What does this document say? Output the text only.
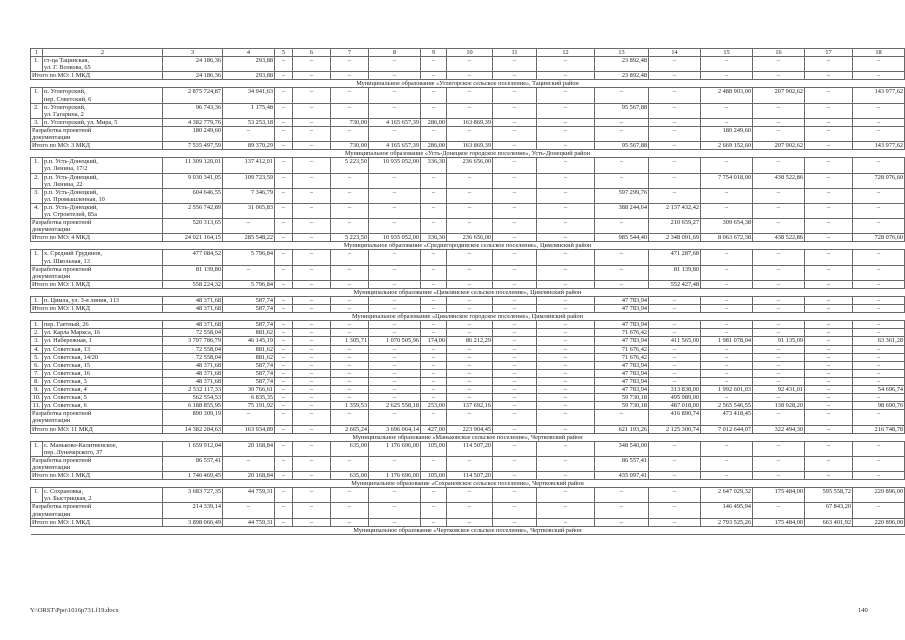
1	2	3	4	5	6	7	8	9	10	11	12	13	14	15	16	17	18
1.	ст-ца Тацинская,
ул. Г. Волкова, 65	24 186,36	293,88	–	–	–	–	–	–	–	–	23 892,48	–	–	–	–	–
Итого по МО: 1 МКД		24 186,36	293,88	–	–	–	–	–	–	–	–	23 892,48	–	–	–	–	–
Муниципальное образование «Углегорское сельское поселение», Тацинский район																	
1.	п. Углегорский,
пер. Советский, 6	2 875 724,87	34 941,63	–	–	–	–	–	–	–	–	–	–	2 488 903,00	207 902,62	–	143 977,62
2.	п. Углегорский,
ул. Гагарина, 2	96 743,36	1 175,48	–	–	–	–	–	–	–	–	95 567,88	–	–	–	–	–
3.	п. Углегорский, ул. Мира, 5	4 382 779,76	53 253,18	–	–	730,00	4 165 657,39	286,00	163 869,39	–	–	–	–	–	–	–	–
Разработка проектной
документации		180 249,60	–	–	–	–	–	–	–	–	–	–	–	180 249,60	–	–	–
Итого по МО: 3 МКД		7 535 497,59	89 370,29	–	–	730,00	4 165 657,39	286,00	163 869,39	–	–	95 567,88	–	2 669 152,60	207 902,62	–	143 977,62
Муниципальное образование «Усть-Донецкое городское поселение», Усть-Донецкий район																	
1.	р.п. Усть-Донецкий,
ул. Ленина, 17/2	11 309 120,01	137 412,01	–	–	5 223,50	10 935 052,00	336,30	236 656,00	–	–	–	–	–	–	–	–
2.	р.п. Усть-Донецкий,
ул. Ленина, 22	9 030 341,05	109 723,59	–	–	–	–	–	–	–	–	–	–	7 754 018,00	438 522,86	–	728 076,60
3.	р.п. Усть-Донецкий,
ул. Промышленная, 10	604 646,55	7 346,79	–	–	–	–	–	–	–	–	597 299,76	–	–	–	–	–
4.	р.п. Усть-Донецкий,
ул. Строителей, 85а	2 556 742,89	31 065,83	–	–	–	–	–	–	–	–	388 244,64	2 137 432,42	–	–	–	–
Разработка проектной
документации		520 313,65	–	–	–	–	–	–	–	–	–	–	210 659,27	309 654,38	–	–	–
Итого по МО: 4 МКД		24 021 164,15	285 548,22	–	–	5 223,50	10 935 052,00	336,30	236 656,00	–	–	985 544,40	2 348 091,69	8 063 672,38	438 522,86	–	728 076,60
Муниципальное образование «Среднегородинское сельское поселение», Цимлянский район																	
1.	х. Средний Грудинов,
ул. Школьная, 13	477 084,52	5 796,84	–	–	–	–	–	–	–	–	–	471 287,68	–	–	–	–
Разработка проектной
документации		81 139,80	–	–	–	–	–	–	–	–	–	–	81 139,80	–	–	–	–
Итого по МО: 1 МКД		558 224,32	5 796,84	–	–	–	–	–	–	–	–	–	552 427,48	–	–	–	–
Муниципальное образование «Цимлянское сельское поселение», Цимлянский район																	
1.	п. Цимла, ул. 3-я линия, 113	48 371,68	587,74	–	–	–	–	–	–	–	–	47 783,94	–	–	–	–	–
Итого по МО: 1 МКД		48 371,68	587,74	–	–	–	–	–	–	–	–	47 783,94	–	–	–	–	–
Муниципальное образование «Цимлянское городское поселение», Цимлянский район																	
1.	пер. Гаетный, 26	48 371,68	587,74	–	–	–	–	–	–	–	–	47 783,94	–	–	–	–	–
2.	ул. Карла Маркса, 16	72 558,04	881,62	–	–	–	–	–	–	–	–	71 676,42	–	–	–	–	–
3.	ул. Набережная, 1	3 797 786,79	46 145,19	–	–	1 305,71	1 070 505,96	174,00	86 212,29	–	–	47 783,94	411 565,00	1 981 078,04	91 135,09	–	63 361,28
4.	ул. Советская, 13	72 558,04	881,62	–	–	–	–	–	–	–	–	71 676,42	–	–	–	–	–
5.	ул. Советская, 14/20	72 558,04	881,62	–	–	–	–	–	–	–	–	71 676,42	–	–	–	–	–
6.	ул. Советская, 15	48 371,68	587,74	–	–	–	–	–	–	–	–	47 783,94	–	–	–	–	–
7.	ул. Советская, 16	48 371,68	587,74	–	–	–	–	–	–	–	–	47 783,94	–	–	–	–	–
8.	ул. Советская, 3	48 371,68	587,74	–	–	–	–	–	–	–	–	47 783,94	–	–	–	–	–
9.	ул. Советская, 4	2 532 117,33	30 766,61	–	–	–	–	–	–	–	–	47 783,94	313 838,00	1 992 601,03	92 431,01	–	54 696,74
10.	ул. Советская, 5	562 554,53	6 835,35	–	–	–	–	–	–	–	–	59 730,18	495 989,00	–	–	–	–
11.	ул. Советская, 6	6 188 855,95	75 191,92	–	–	1 359,53	2 625 558,18	253,00	137 692,16	–	–	59 730,18	487 018,00	2 565 546,55	138 928,20	–	98 690,76
Разработка проектной
документации		890 309,19	–	–	–	–	–	–	–	–	–	–	416 890,74	473 418,45	–	–	–
Итого по МО: 11 МКД		14 382 284,63	163 934,89	–	–	2 665,24	3 696 064,14	427,00	223 904,45	–	–	621 193,26	2 125 300,74	7 012 644,07	322 494,30	–	216 748,78
Муниципальное образование «Маньковское сельское поселение», Чертковский район																	
1.	с. Маньково-Калитвенское,
пер. Луначарского, 37	1 659 912,04	20 168,84	–	–	635,00	1 176 696,00	105,00	114 507,20	–	–	348 540,00	–	–	–	–	–
Разработка проектной
документации		86 557,41	–	–	–	–	–	–	–	–	–	86 557,41	–	–	–	–	–
Итого по МО: 1 МКД		1 746 469,45	20 168,84	–	–	635,00	1 176 696,00	105,00	114 507,20	–	–	435 097,41	–	–	–	–	–
Муниципальное образование «Сохрановское сельское поселение», Чертковский район																	
1.	с. Сохрановка,
ул. Быстрицкая, 2	3 683 727,35	44 759,31	–	–	–	–	–	–	–	–	–	–	2 647 029,32	175 484,00	595 558,72	220 896,00
Разработка проектной
документации		214 339,14	–	–	–	–	–	–	–	–	–	–	–	146 495,94	–	67 843,20	–
Итого по МО: 1 МКД		3 898 066,49	44 759,31	–	–	–	–	–	–	–	–	–	–	2 793 525,26	175 484,00	663 401,92	220 896,00
Муниципальное образование «Чертковское сельское поселение», Чертковский район																	
Y:\ORST\Ppo\1016p731.f19.docx	140
